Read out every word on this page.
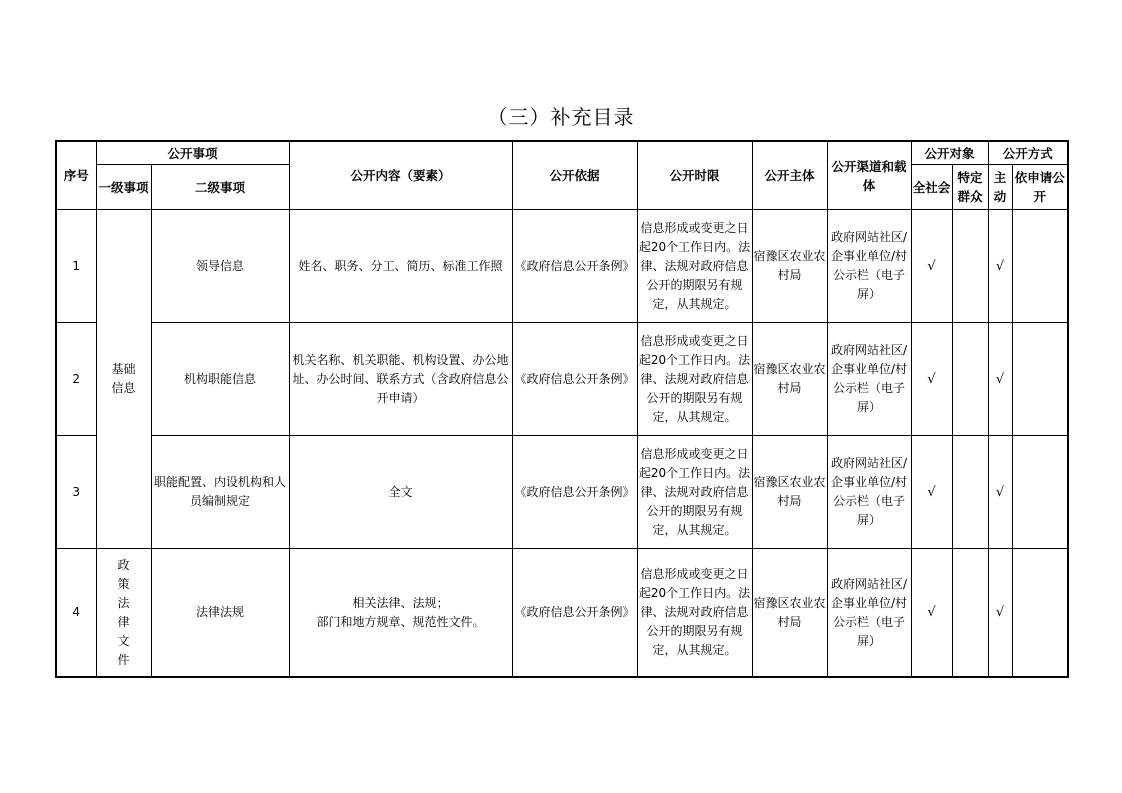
（三）补充目录
序号	公开事项		公开内容（要素）	公开依据	公开时限	公开主体	公开渠道和载体	公开对象		公开方式	
	一级事项	二级事项						全社会	特定群众	主动	依申请公开
1	基础信息	领导信息	姓名、职务、分工、简历、标准工作照	《政府信息公开条例》	信息形成或变更之日起20个工作日内。法律、法规对政府信息公开的期限另有规定，从其规定。	宿豫区农业农村局	政府网站社区/企事业单位/村公示栏（电子屏）	√		√	
2		机构职能信息	机关名称、机关职能、机构设置、办公地址、办公时间、联系方式（含政府信息公开申请）	《政府信息公开条例》	信息形成或变更之日起20个工作日内。法律、法规对政府信息公开的期限另有规定，从其规定。	宿豫区农业农村局	政府网站社区/企事业单位/村公示栏（电子屏）	√		√	
3		职能配置、内设机构和人员编制规定	全文	《政府信息公开条例》	信息形成或变更之日起20个工作日内。法律、法规对政府信息公开的期限另有规定，从其规定。	宿豫区农业农村局	政府网站社区/企事业单位/村公示栏（电子屏）	√		√	
4	政策法律文件	法律法规	相关法律、法规；
部门和地方规章、规范性文件。	《政府信息公开条例》	信息形成或变更之日起20个工作日内。法律、法规对政府信息公开的期限另有规定，从其规定。	宿豫区农业农村局	政府网站社区/企事业单位/村公示栏（电子屏）	√		√	
